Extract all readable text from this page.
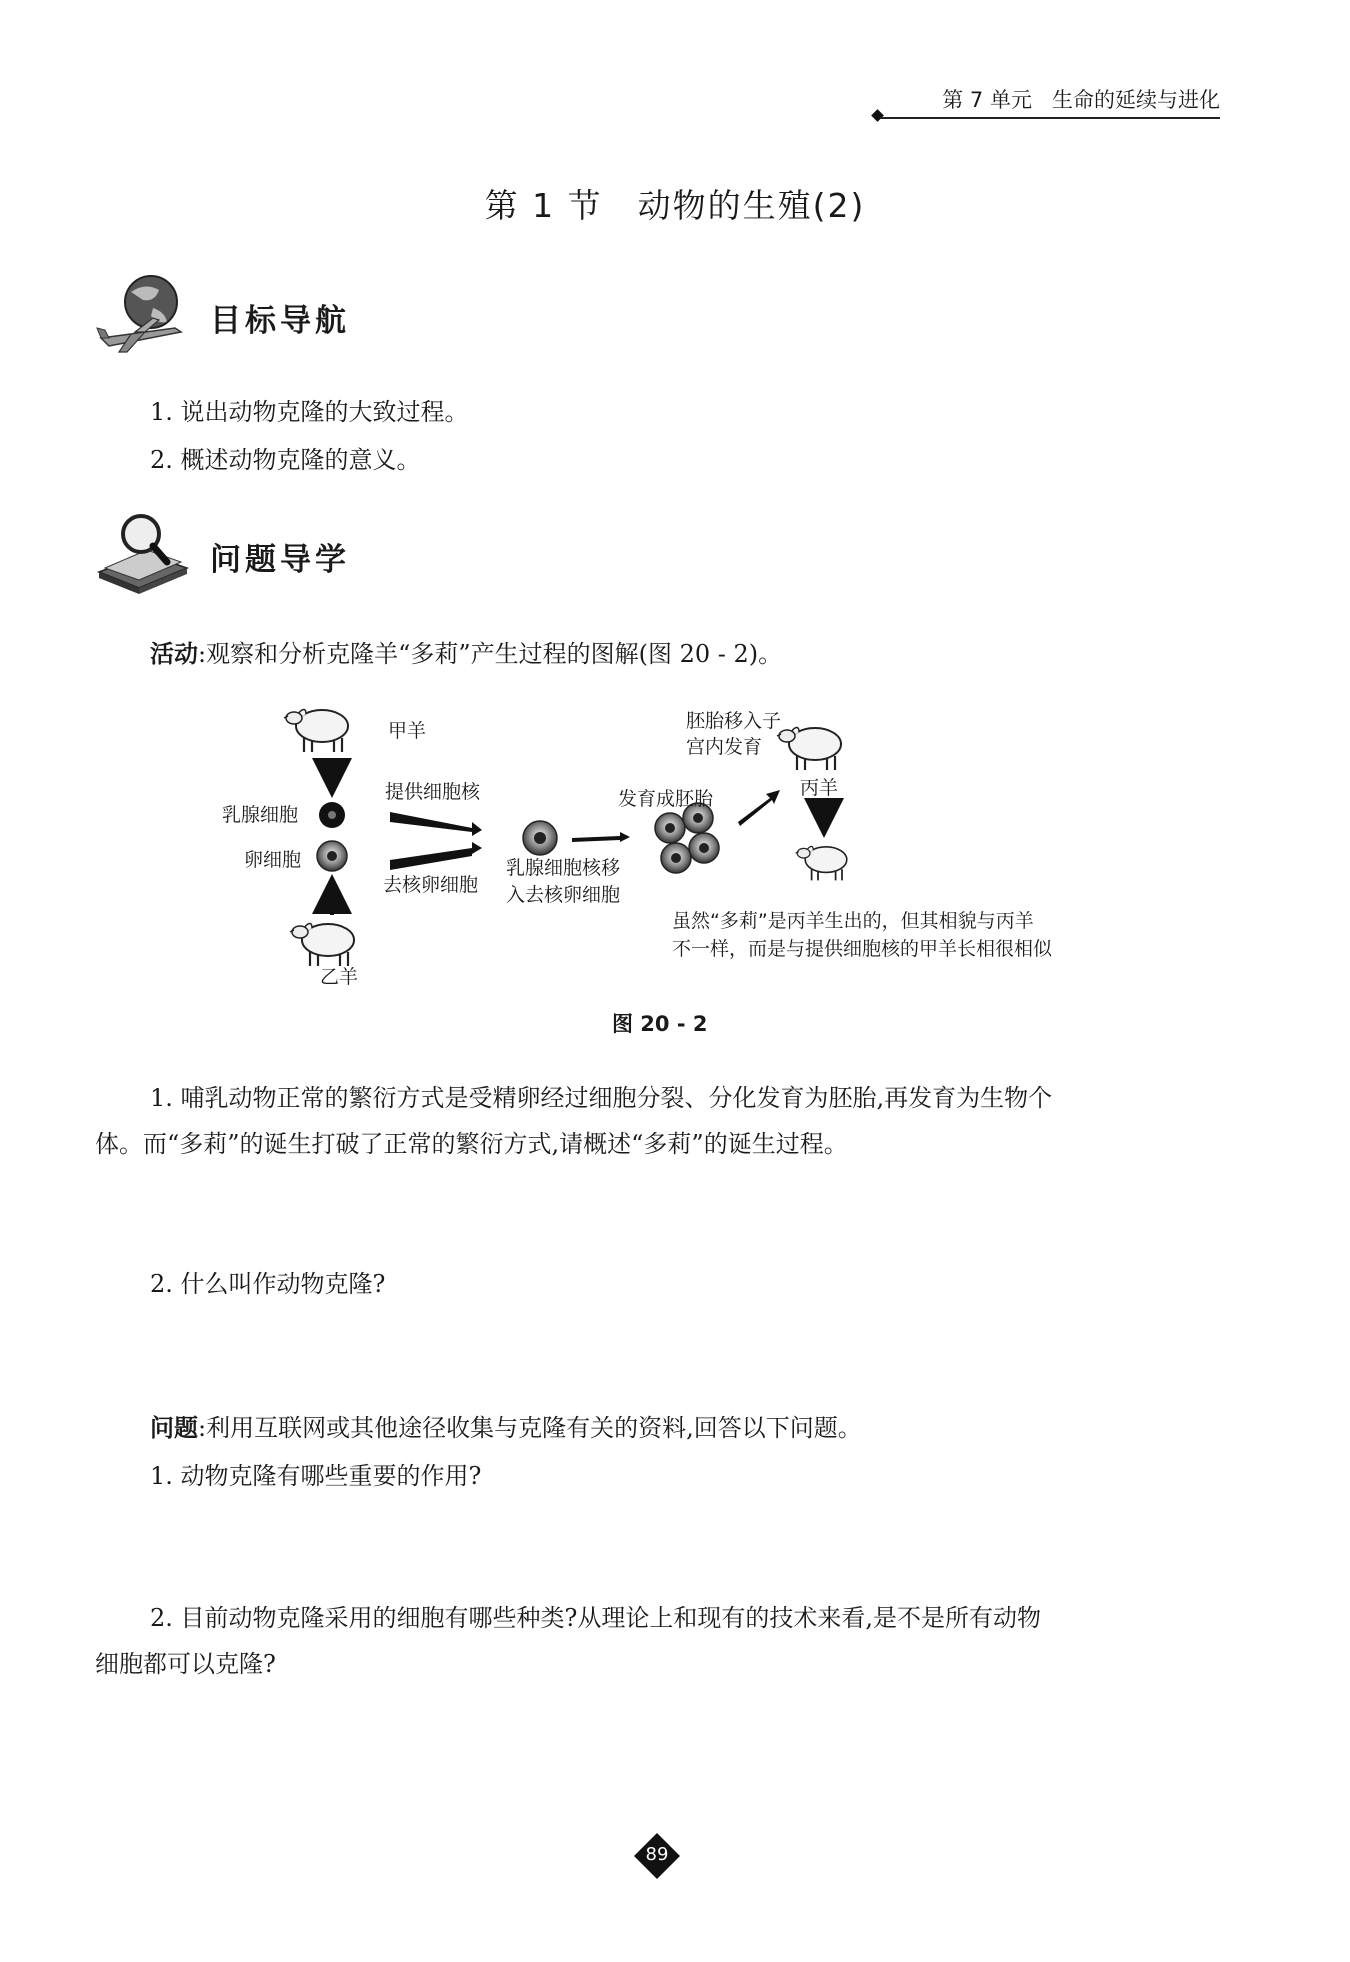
第 7 单元 生命的延续与进化
第 1 节　动物的生殖(2)
目标导航
1. 说出动物克隆的大致过程。
2. 概述动物克隆的意义。
问题导学
活动:观察和分析克隆羊“多莉”产生过程的图解(图 20 - 2)。
甲羊
乙羊
丙羊
乳腺细胞
卵细胞
提供细胞核
去核卵细胞
乳腺细胞核移
入去核卵细胞
发育成胚胎
胚胎移入子
宫内发育
虽然“多莉”是丙羊生出的，但其相貌与丙羊
不一样，而是与提供细胞核的甲羊长相很相似
图 20 - 2
1. 哺乳动物正常的繁衍方式是受精卵经过细胞分裂、分化发育为胚胎,再发育为生物个
体。而“多莉”的诞生打破了正常的繁衍方式,请概述“多莉”的诞生过程。
2. 什么叫作动物克隆?
问题:利用互联网或其他途径收集与克隆有关的资料,回答以下问题。
1. 动物克隆有哪些重要的作用?
2. 目前动物克隆采用的细胞有哪些种类?从理论上和现有的技术来看,是不是所有动物
细胞都可以克隆?
89
